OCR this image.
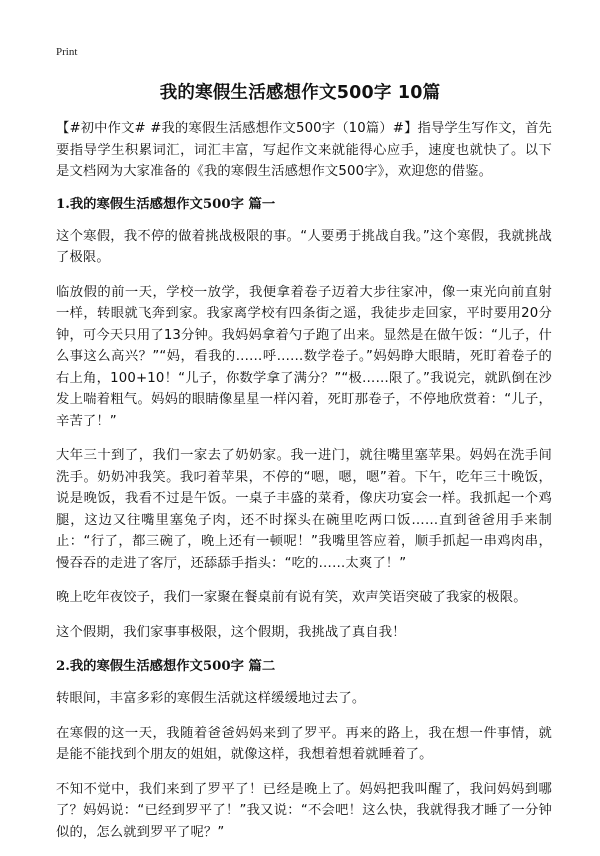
Print
我的寒假生活感想作文500字 10篇

【#初中作文# #我的寒假生活感想作文500字（10篇）#】指导学生写作文，首先要指导学生积累词汇，词汇丰富，写起作文来就能得心应手，速度也就快了。以下是文档网为大家准备的《我的寒假生活感想作文500字》，欢迎您的借鉴。

1.我的寒假生活感想作文500字 篇一

这个寒假，我不停的做着挑战极限的事。“人要勇于挑战自我。”这个寒假，我就挑战了极限。

临放假的前一天，学校一放学，我便拿着卷子迈着大步往家冲，像一束光向前直射一样，转眼就飞奔到家。我家离学校有四条街之遥，我徒步走回家，平时要用20分钟，可今天只用了13分钟。我妈妈拿着勺子跑了出来。显然是在做午饭：“儿子，什么事这么高兴？”“妈，看我的……呼……数学卷子。”妈妈睁大眼睛，死盯着卷子的右上角，100+10！“儿子，你数学拿了满分？”“极……限了。”我说完，就趴倒在沙发上喘着粗气。妈妈的眼睛像星星一样闪着，死盯那卷子，不停地欣赏着：“儿子，辛苦了！”

大年三十到了，我们一家去了奶奶家。我一进门，就往嘴里塞苹果。妈妈在洗手间洗手。奶奶冲我笑。我叼着苹果，不停的“嗯，嗯，嗯”着。下午，吃年三十晚饭，说是晚饭，我看不过是午饭。一桌子丰盛的菜肴，像庆功宴会一样。我抓起一个鸡腿，这边又往嘴里塞兔子肉，还不时探头在碗里吃两口饭……直到爸爸用手来制止：“行了，都三碗了，晚上还有一顿呢！”我嘴里答应着，顺手抓起一串鸡肉串，慢吞吞的走进了客厅，还舔舔手指头：“吃的……太爽了！”

晚上吃年夜饺子，我们一家聚在餐桌前有说有笑，欢声笑语突破了我家的极限。

这个假期，我们家事事极限，这个假期，我挑战了真自我！

2.我的寒假生活感想作文500字 篇二

转眼间，丰富多彩的寒假生活就这样缓缓地过去了。

在寒假的这一天，我随着爸爸妈妈来到了罗平。再来的路上，我在想一件事情，就是能不能找到个朋友的姐姐，就像这样，我想着想着就睡着了。

不知不觉中，我们来到了罗平了！已经是晚上了。妈妈把我叫醒了，我问妈妈到哪了？妈妈说：“已经到罗平了！”我又说：“不会吧！这么快，我就得我才睡了一分钟似的，怎么就到罗平了呢？”
